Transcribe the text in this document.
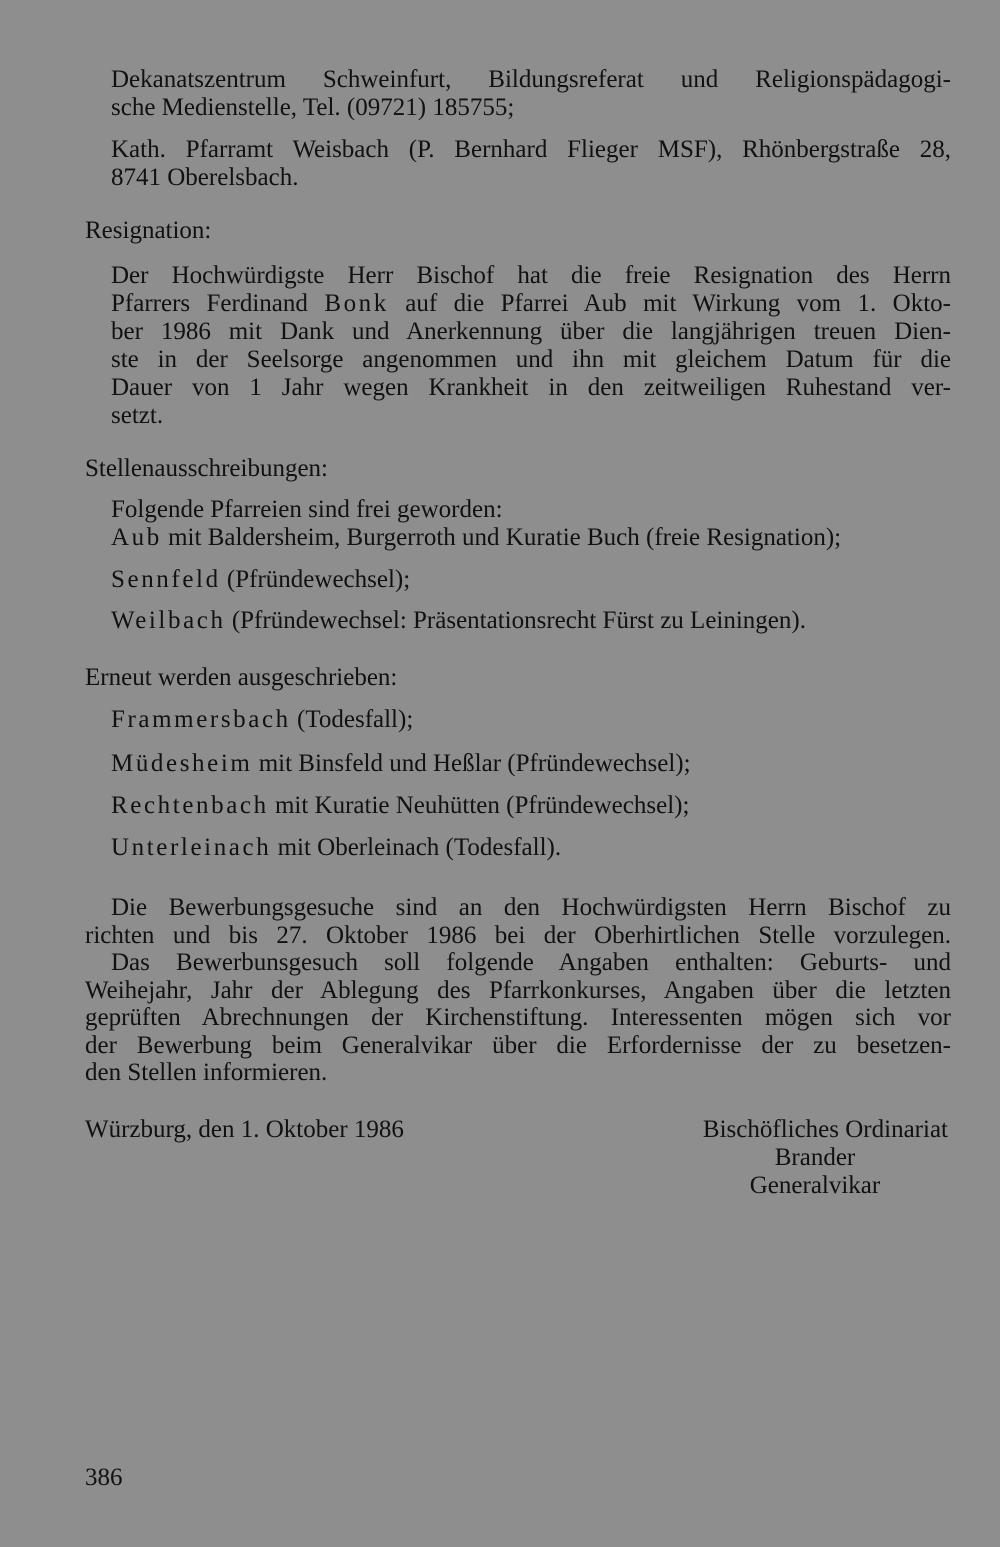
Dekanatszentrum Schweinfurt, Bildungsreferat und Religionspädagogi-
sche Medienstelle, Tel. (09721) 185755;
Kath. Pfarramt Weisbach (P. Bernhard Flieger MSF), Rhönbergstraße 28,
8741 Oberelsbach.
Resignation:
Der Hochwürdigste Herr Bischof hat die freie Resignation des Herrn
Pfarrers Ferdinand Bonk auf die Pfarrei Aub mit Wirkung vom 1. Okto-
ber 1986 mit Dank und Anerkennung über die langjährigen treuen Dien-
ste in der Seelsorge angenommen und ihn mit gleichem Datum für die
Dauer von 1 Jahr wegen Krankheit in den zeitweiligen Ruhestand ver-
setzt.
Stellenausschreibungen:
Folgende Pfarreien sind frei geworden:
Aub mit Baldersheim, Burgerroth und Kuratie Buch (freie Resignation);
Sennfeld (Pfründewechsel);
Weilbach (Pfründewechsel: Präsentationsrecht Fürst zu Leiningen).
Erneut werden ausgeschrieben:
Frammersbach (Todesfall);
Müdesheim mit Binsfeld und Heßlar (Pfründewechsel);
Rechtenbach mit Kuratie Neuhütten (Pfründewechsel);
Unterleinach mit Oberleinach (Todesfall).
Die Bewerbungsgesuche sind an den Hochwürdigsten Herrn Bischof zu
richten und bis 27. Oktober 1986 bei der Oberhirtlichen Stelle vorzulegen.
Das Bewerbunsgesuch soll folgende Angaben enthalten: Geburts- und
Weihejahr, Jahr der Ablegung des Pfarrkonkurses, Angaben über die letzten
geprüften Abrechnungen der Kirchenstiftung. Interessenten mögen sich vor
der Bewerbung beim Generalvikar über die Erfordernisse der zu besetzen-
den Stellen informieren.
Würzburg, den 1. Oktober 1986	Bischöfliches Ordinariat
Brander
Generalvikar
386
